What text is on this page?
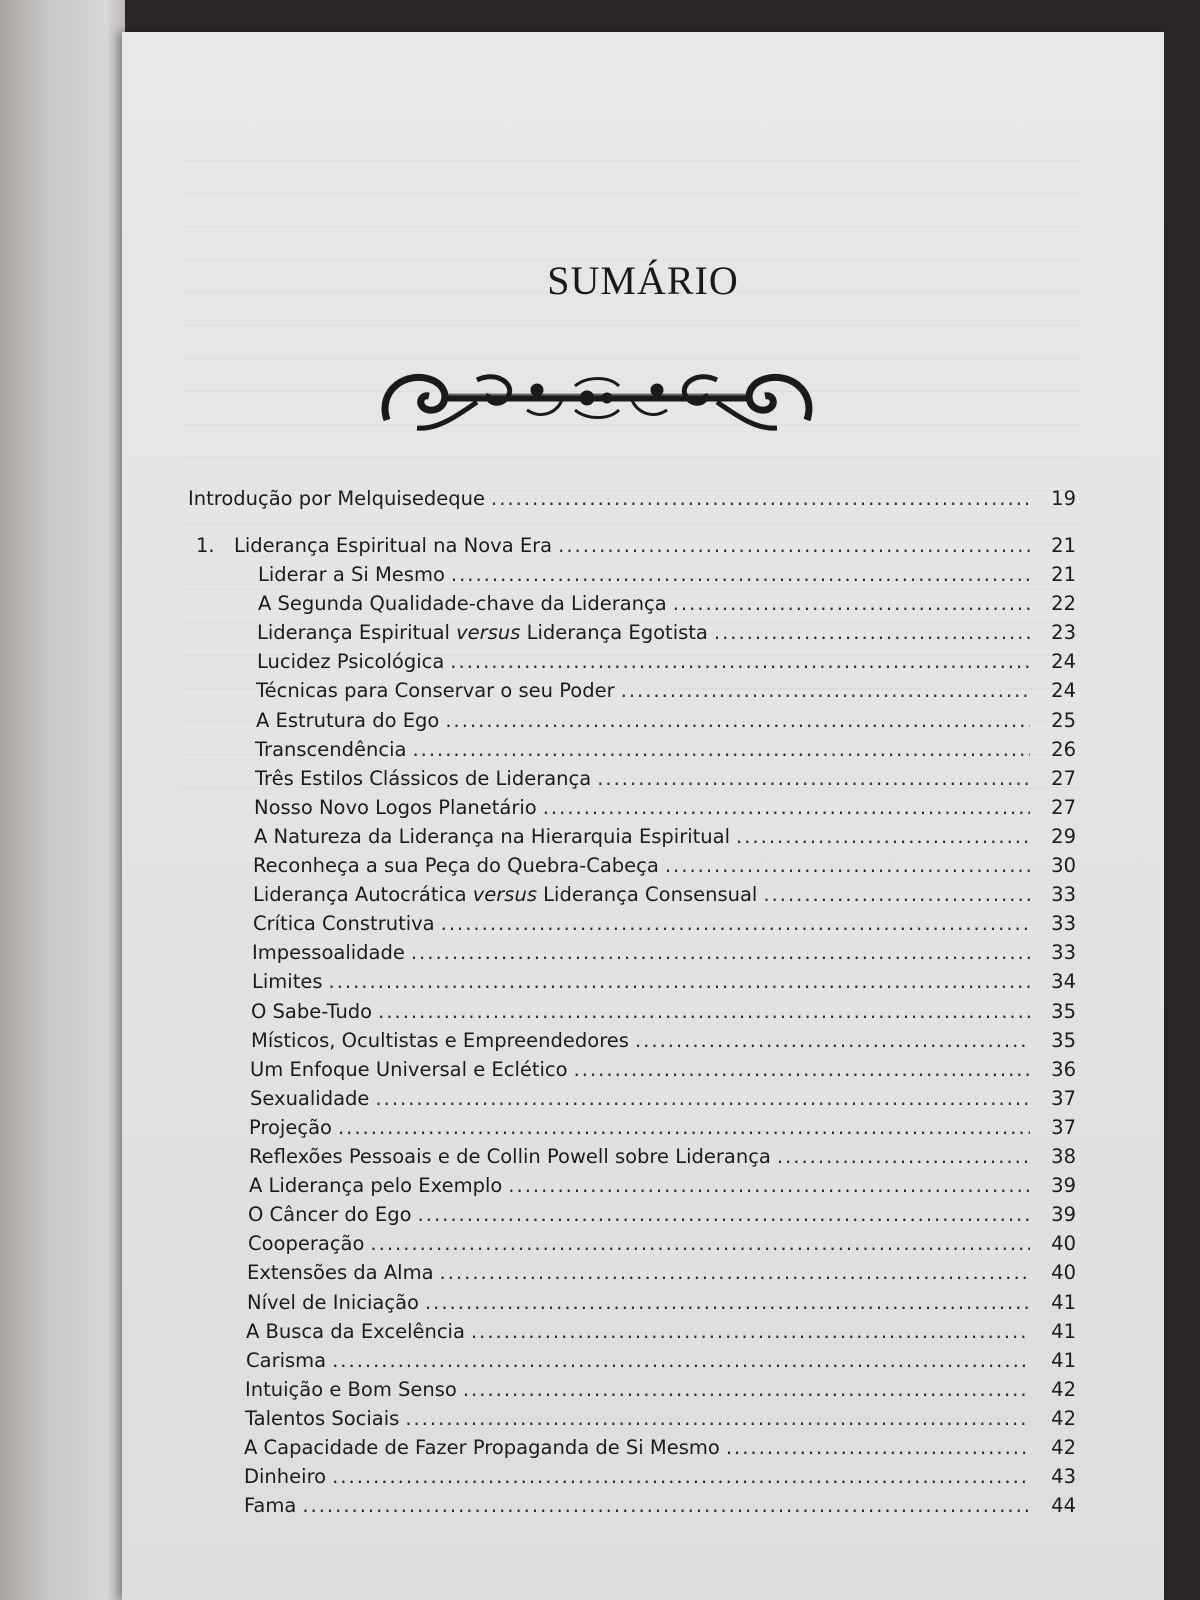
SUMÁRIO
Introdução por Melquisedeque .....	19
1. Liderança Espiritual na Nova Era .....	21
Liderar a Si Mesmo .....	21
A Segunda Qualidade-chave da Liderança .....	22
Liderança Espiritual versus Liderança Egotista .....	23
Lucidez Psicológica .....	24
Técnicas para Conservar o seu Poder .....	24
A Estrutura do Ego .....	25
Transcendência .....	26
Três Estilos Clássicos de Liderança .....	27
Nosso Novo Logos Planetário .....	27
A Natureza da Liderança na Hierarquia Espiritual .....	29
Reconheça a sua Peça do Quebra-Cabeça .....	30
Liderança Autocrática versus Liderança Consensual .....	33
Crítica Construtiva .....	33
Impessoalidade .....	33
Limites .....	34
O Sabe-Tudo .....	35
Místicos, Ocultistas e Empreendedores .....	35
Um Enfoque Universal e Eclético .....	36
Sexualidade .....	37
Projeção .....	37
Reflexões Pessoais e de Collin Powell sobre Liderança .....	38
A Liderança pelo Exemplo .....	39
O Câncer do Ego .....	39
Cooperação .....	40
Extensões da Alma .....	40
Nível de Iniciação .....	41
A Busca da Excelência .....	41
Carisma .....	41
Intuição e Bom Senso .....	42
Talentos Sociais .....	42
A Capacidade de Fazer Propaganda de Si Mesmo .....	42
Dinheiro .....	43
Fama .....	44
